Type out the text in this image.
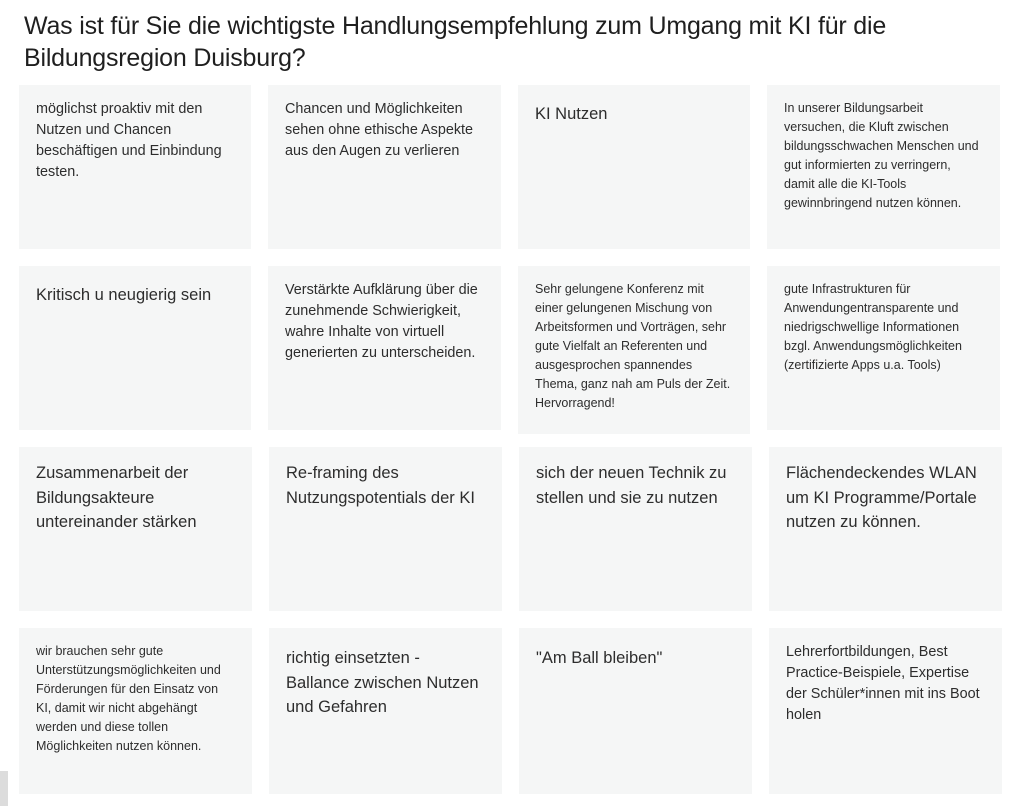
Was ist für Sie die wichtigste Handlungsempfehlung zum Umgang mit KI für die Bildungsregion Duisburg?
möglichst proaktiv mit den Nutzen und Chancen beschäftigen und Einbindung testen.
Chancen und Möglichkeiten sehen ohne ethische Aspekte aus den Augen zu verlieren
KI Nutzen	In unserer Bildungsarbeit versuchen, die Kluft zwischen bildungsschwachen Menschen und gut informierten zu verringern, damit alle die KI-Tools gewinnbringend nutzen können.
Kritisch u neugierig sein	Verstärkte Aufklärung über die zunehmende Schwierigkeit, wahre Inhalte von virtuell generierten zu unterscheiden.
Sehr gelungene Konferenz mit einer gelungenen Mischung von Arbeitsformen und Vorträgen, sehr gute Vielfalt an Referenten und ausgesprochen spannendes Thema, ganz nah am Puls der Zeit. Hervorragend!
gute Infrastrukturen für Anwendungentransparente und niedrigschwellige Informationen bzgl. Anwendungsmöglichkeiten (zertifizierte Apps u.a. Tools)
Zusammenarbeit der Bildungsakteure untereinander stärken
Re-framing des Nutzungspotentials der KI
sich der neuen Technik zu stellen und sie zu nutzen
Flächendeckendes WLAN um KI Programme/Portale nutzen zu können.
wir brauchen sehr gute Unterstützungsmöglichkeiten und Förderungen für den Einsatz von KI, damit wir nicht abgehängt werden und diese tollen Möglichkeiten nutzen können.
richtig einsetzten - Ballance zwischen Nutzen und Gefahren
"Am Ball bleiben"	Lehrerfortbildungen, Best Practice-Beispiele, Expertise der Schüler*innen mit ins Boot holen
